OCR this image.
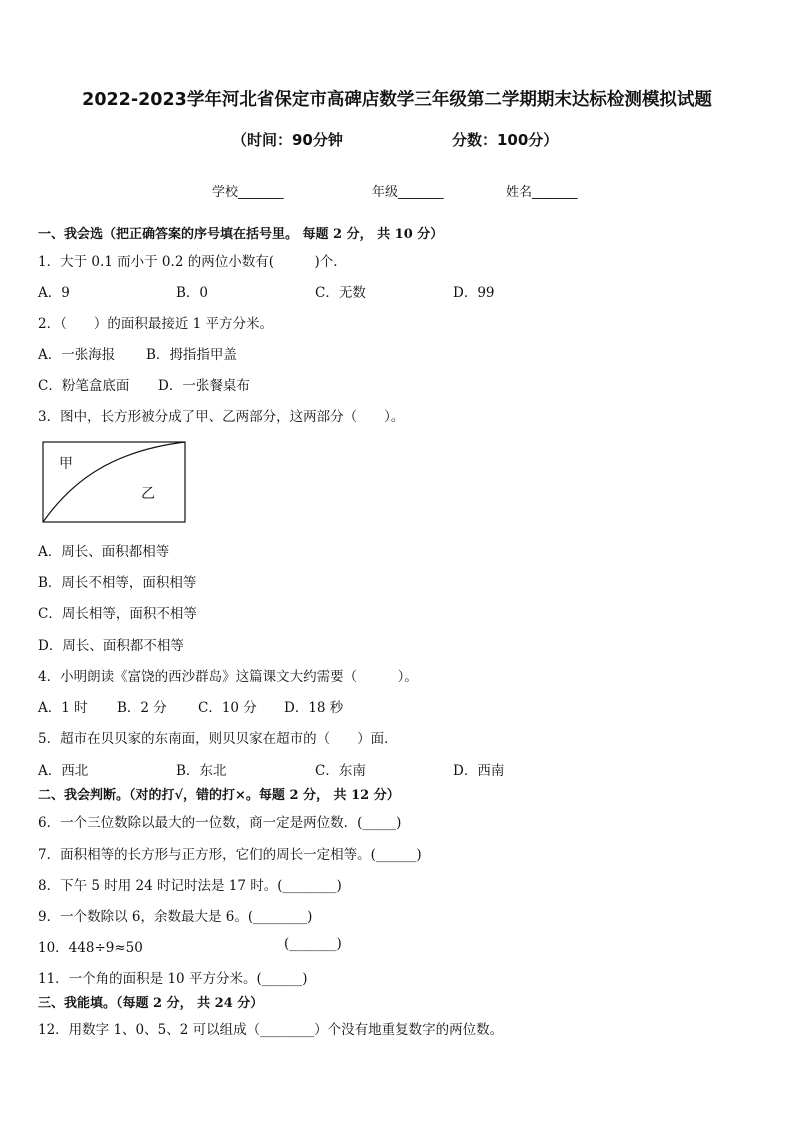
2022-2023学年河北省保定市高碑店数学三年级第二学期期末达标检测模拟试题
（时间：90分钟	分数：100分）
学校_______	年级_______	姓名_______
一、我会选（把正确答案的序号填在括号里。 每题 2 分， 共 10 分）
1．大于 0.1 而小于 0.2 的两位小数有(　　　)个.
A．9	B．0	C．无数	D．99
2．（　　）的面积最接近 1 平方分米。
A．一张海报 B．拇指指甲盖
C．粉笔盒底面 D．一张餐桌布
3．图中，长方形被分成了甲、乙两部分，这两部分（　　）。
甲
乙
A．周长、面积都相等
B．周长不相等，面积相等
C．周长相等，面积不相等
D．周长、面积都不相等
4．小明朗读《富饶的西沙群岛》这篇课文大约需要（　　　）。
A．1 时 B．2 分 C．10 分 D．18 秒
5．超市在贝贝家的东南面，则贝贝家在超市的（　　）面．
A．西北	B．东北	C．东南	D．西南
二、我会判断。（对的打√，错的打×。每题 2 分， 共 12 分）
6．一个三位数除以最大的一位数，商一定是两位数．(_____)
7．面积相等的长方形与正方形，它们的周长一定相等。(______)
8．下午 5 时用 24 时记时法是 17 时。(________)
9．一个数除以 6，余数最大是 6。(________)
10．448÷9≈50	(_______)
11．一个角的面积是 10 平方分米。(______)
三、我能填。（每题 2 分， 共 24 分）
12．用数字 1、0、5、2 可以组成（________）个没有地重复数字的两位数。
